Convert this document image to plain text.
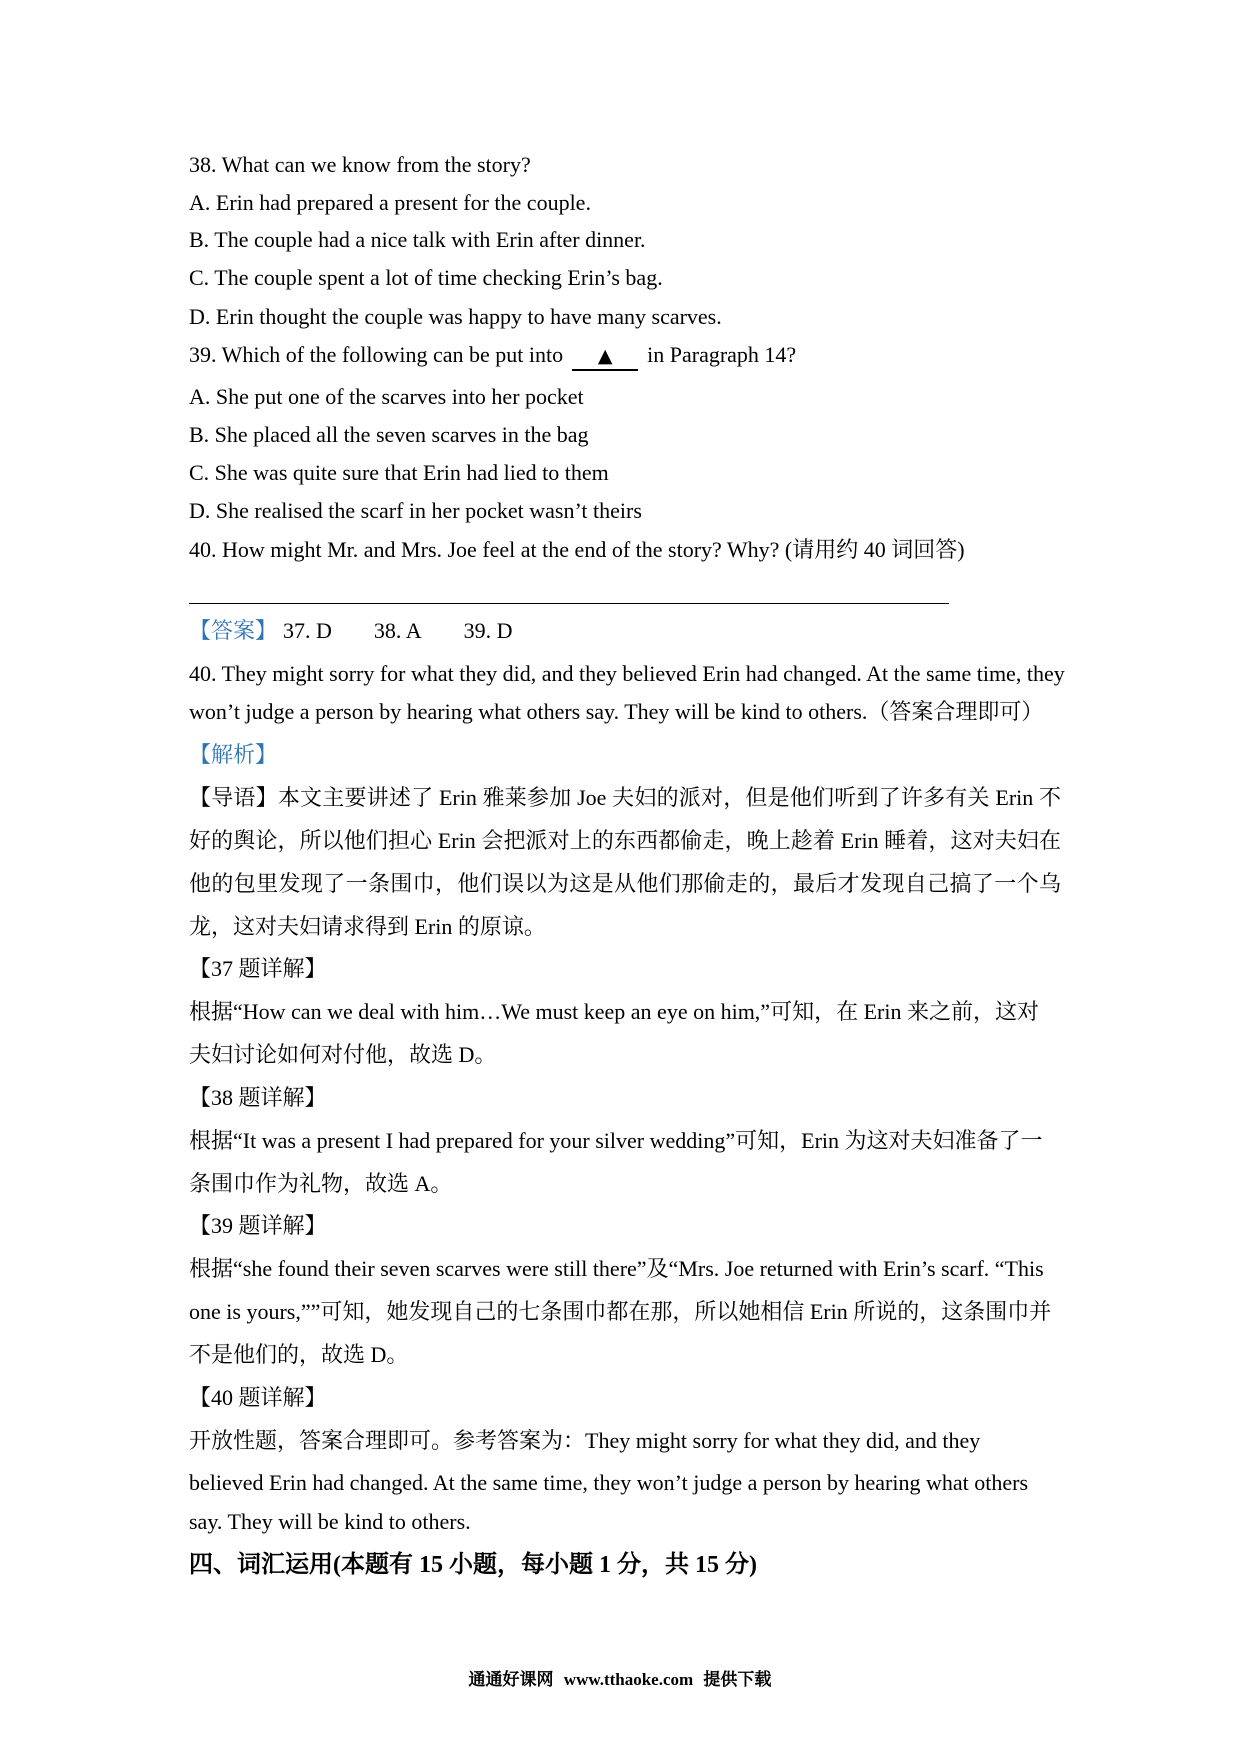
38. What can we know from the story?
A. Erin had prepared a present for the couple.
B. The couple had a nice talk with Erin after dinner.
C. The couple spent a lot of time checking Erin’s bag.
D. Erin thought the couple was happy to have many scarves.
39. Which of the following can be put into ▲ in Paragraph 14?
A. She put one of the scarves into her pocket
B. She placed all the seven scarves in the bag
C. She was quite sure that Erin had lied to them
D. She realised the scarf in her pocket wasn’t theirs
40. How might Mr. and Mrs. Joe feel at the end of the story? Why? (请用约 40 词回答)
【答案】 37. D 38. A 39. D
40. They might sorry for what they did, and they believed Erin had changed. At the same time, they
won’t judge a person by hearing what others say. They will be kind to others.（答案合理即可）
【解析】
【导语】本文主要讲述了 Erin 雅莱参加 Joe 夫妇的派对，但是他们听到了许多有关 Erin 不
好的舆论，所以他们担心 Erin 会把派对上的东西都偷走，晚上趁着 Erin 睡着，这对夫妇在
他的包里发现了一条围巾，他们误以为这是从他们那偷走的，最后才发现自己搞了一个乌
龙，这对夫妇请求得到 Erin 的原谅。
【37 题详解】
根据“How can we deal with him…We must keep an eye on him,”可知，在 Erin 来之前，这对
夫妇讨论如何对付他，故选 D。
【38 题详解】
根据“It was a present I had prepared for your silver wedding”可知，Erin 为这对夫妇准备了一
条围巾作为礼物，故选 A。
【39 题详解】
根据“she found their seven scarves were still there”及“Mrs. Joe returned with Erin’s scarf. “This
one is yours,””可知，她发现自己的七条围巾都在那，所以她相信 Erin 所说的，这条围巾并
不是他们的，故选 D。
【40 题详解】
开放性题，答案合理即可。参考答案为：They might sorry for what they did, and they
believed Erin had changed. At the same time, they won’t judge a person by hearing what others
say. They will be kind to others.
四、词汇运用(本题有 15 小题，每小题 1 分，共 15 分)
通通好课网 www.tthaoke.com 提供下载
